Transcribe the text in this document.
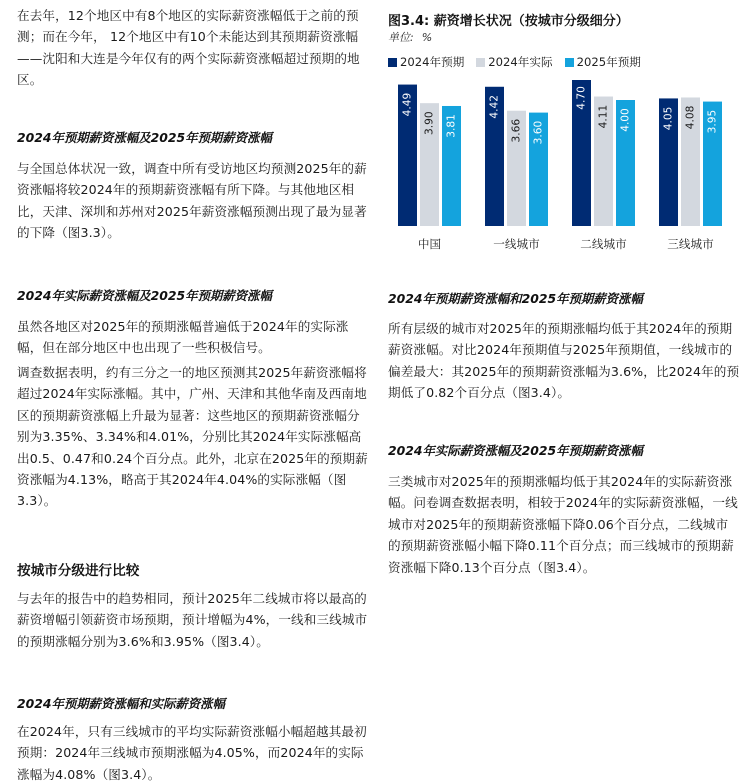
在去年，12个地区中有8个地区的实际薪资涨幅低于之前的预测；而在今年， 12个地区中有10个未能达到其预期薪资涨幅——沈阳和大连是今年仅有的两个实际薪资涨幅超过预期的地区。

2024年预期薪资涨幅及2025年预期薪资涨幅

与全国总体状况一致，调查中所有受访地区均预测2025年的薪资涨幅将较2024年的预期薪资涨幅有所下降。与其他地区相比，天津、深圳和苏州对2025年薪资涨幅预测出现了最为显著的下降（图3.3）。

2024年实际薪资涨幅及2025年预期薪资涨幅

虽然各地区对2025年的预期涨幅普遍低于2024年的实际涨幅，但在部分地区中也出现了一些积极信号。

调查数据表明，约有三分之一的地区预测其2025年薪资涨幅将超过2024年实际涨幅。其中，广州、天津和其他华南及西南地区的预期薪资涨幅上升最为显著：这些地区的预期薪资涨幅分别为3.35%、3.34%和4.01%，分别比其2024年实际涨幅高出0.5、0.47和0.24个百分点。此外，北京在2025年的预期薪资涨幅为4.13%，略高于其2024年4.04%的实际涨幅（图3.3）。

按城市分级进行比较

与去年的报告中的趋势相同，预计2025年二线城市将以最高的薪资增幅引领薪资市场预期，预计增幅为4%，一线和三线城市的预期涨幅分别为3.6%和3.95%（图3.4）。

2024年预期薪资涨幅和实际薪资涨幅

在2024年，只有三线城市的平均实际薪资涨幅小幅超越其最初预期：2024年三线城市预期涨幅为4.05%，而2024年的实际涨幅为4.08%（图3.4）。

图3.4: 薪资增长状况（按城市分级细分）
单位: %
2024年预期 2024年实际 2025年预期
4.49
3.90 3.81
中国
4.42
3.66 3.60
一线城市
4.70
4.11 4.00
二线城市
4.05 4.08 3.95
三线城市
2024年预期薪资涨幅和2025年预期薪资涨幅

所有层级的城市对2025年的预期涨幅均低于其2024年的预期薪资涨幅。对比2024年预期值与2025年预期值，一线城市的偏差最大：其2025年的预期薪资涨幅为3.6%，比2024年的预期低了0.82个百分点（图3.4）。

2024年实际薪资涨幅及2025年预期薪资涨幅

三类城市对2025年的预期涨幅均低于其2024年的实际薪资涨幅。问卷调查数据表明，相较于2024年的实际薪资涨幅，一线城市对2025年的预期薪资涨幅下降0.06个百分点，二线城市的预期薪资涨幅小幅下降0.11个百分点；而三线城市的预期薪资涨幅下降0.13个百分点（图3.4）。
